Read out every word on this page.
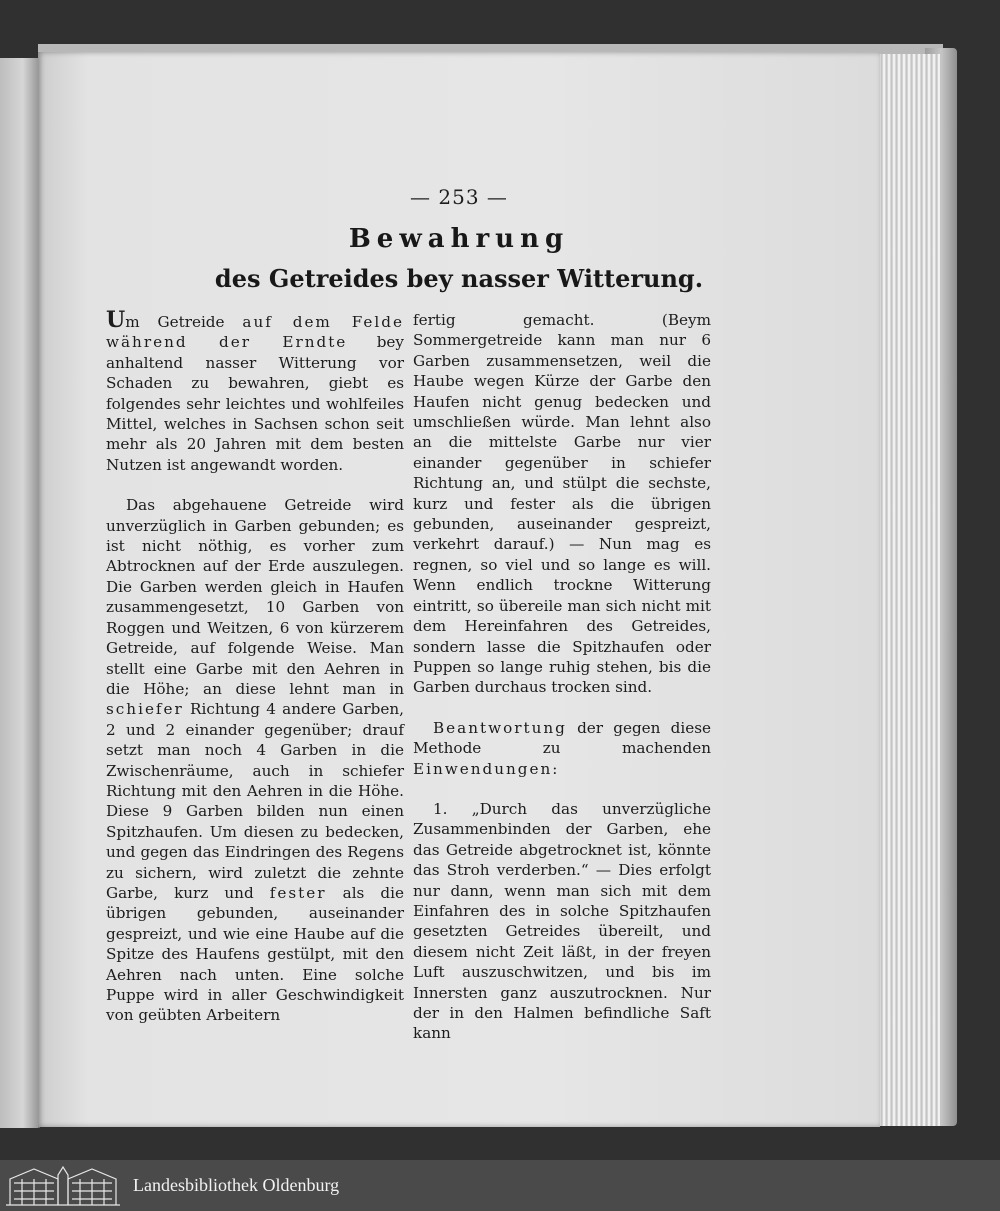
— 253 —
Bewahrung
des Getreides bey nasser Witterung.

Um Getreide auf dem Felde während der Erndte bey anhaltend nasser Witterung vor Schaden zu bewahren, giebt es folgendes sehr leichtes und wohlfeiles Mittel, welches in Sachsen schon seit mehr als 20 Jahren mit dem besten Nutzen ist angewandt worden.

Das abgehauene Getreide wird unverzüglich in Garben gebunden; es ist nicht nöthig, es vorher zum Abtrocknen auf der Erde auszulegen. Die Garben werden gleich in Haufen zusammengesetzt, 10 Garben von Roggen und Weitzen, 6 von kürzerem Getreide, auf folgende Weise. Man stellt eine Garbe mit den Aehren in die Höhe; an diese lehnt man in schiefer Richtung 4 andere Garben, 2 und 2 einander gegenüber; drauf setzt man noch 4 Garben in die Zwischenräume, auch in schiefer Richtung mit den Aehren in die Höhe. Diese 9 Garben bilden nun einen Spitzhaufen. Um diesen zu bedecken, und gegen das Eindringen des Regens zu sichern, wird zuletzt die zehnte Garbe, kurz und fester als die übrigen gebunden, auseinander gespreizt, und wie eine Haube auf die Spitze des Haufens gestülpt, mit den Aehren nach unten. Eine solche Puppe wird in aller Geschwindigkeit von geübten Arbeitern

fertig gemacht. (Beym Sommergetreide kann man nur 6 Garben zusammensetzen, weil die Haube wegen Kürze der Garbe den Haufen nicht genug bedecken und umschließen würde. Man lehnt also an die mittelste Garbe nur vier einander gegenüber in schiefer Richtung an, und stülpt die sechste, kurz und fester als die übrigen gebunden, auseinander gespreizt, verkehrt darauf.) — Nun mag es regnen, so viel und so lange es will. Wenn endlich trockne Witterung eintritt, so übereile man sich nicht mit dem Hereinfahren des Getreides, sondern lasse die Spitzhaufen oder Puppen so lange ruhig stehen, bis die Garben durchaus trocken sind.

Beantwortung der gegen diese Methode zu machenden Einwendungen:

1. „Durch das unverzügliche Zusammenbinden der Garben, ehe das Getreide abgetrocknet ist, könnte das Stroh verderben.“ — Dies erfolgt nur dann, wenn man sich mit dem Einfahren des in solche Spitzhaufen gesetzten Getreides übereilt, und diesem nicht Zeit läßt, in der freyen Luft auszuschwitzen, und bis im Innersten ganz auszutrocknen. Nur der in den Halmen befindliche Saft kann

Landesbibliothek Oldenburg
